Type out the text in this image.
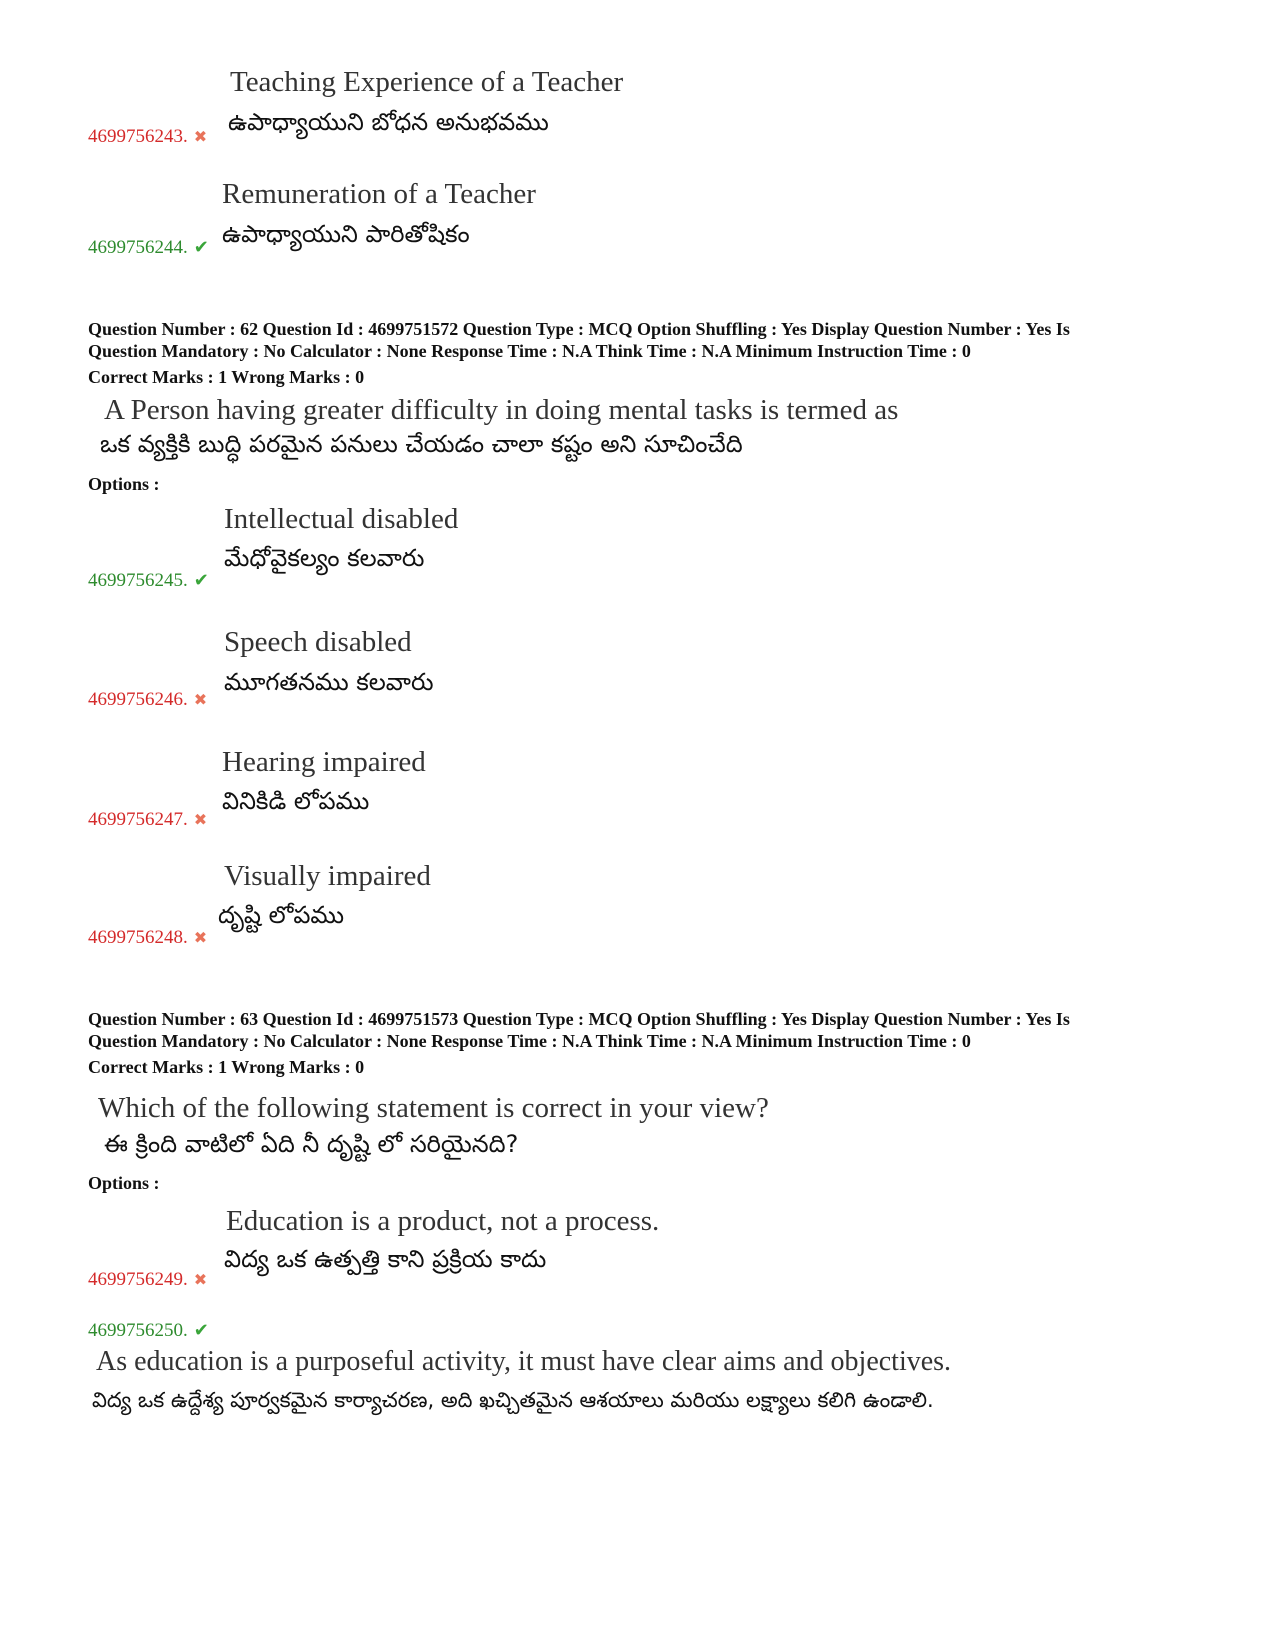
Teaching Experience of a Teacher
ఉపాధ్యాయుని బోధన అనుభవము
4699756243. ✖
Remuneration of a Teacher
ఉపాధ్యాయుని పారితోషికం
4699756244. ✔
Question Number : 62 Question Id : 4699751572 Question Type : MCQ Option Shuffling : Yes Display Question Number : Yes Is
Question Mandatory : No Calculator : None Response Time : N.A Think Time : N.A Minimum Instruction Time : 0
Correct Marks : 1 Wrong Marks : 0
A Person having greater difficulty in doing mental tasks is termed as
ఒక వ్యక్తికి బుద్ధి పరమైన పనులు చేయడం చాలా కష్టం అని సూచించేది
Options :
Intellectual disabled
మేధోవైకల్యం కలవారు
4699756245. ✔
Speech disabled
మూగతనము కలవారు
4699756246. ✖
Hearing impaired
వినికిడి లోపము
4699756247. ✖
Visually impaired
దృష్టి లోపము
4699756248. ✖
Question Number : 63 Question Id : 4699751573 Question Type : MCQ Option Shuffling : Yes Display Question Number : Yes Is
Question Mandatory : No Calculator : None Response Time : N.A Think Time : N.A Minimum Instruction Time : 0
Correct Marks : 1 Wrong Marks : 0
Which of the following statement is correct in your view?
ఈ క్రింది వాటిలో ఏది నీ దృష్టి లో సరియైనది?
Options :
Education is a product, not a process.
విద్య ఒక ఉత్పత్తి కాని ప్రక్రియ కాదు
4699756249. ✖
4699756250. ✔
As education is a purposeful activity, it must have clear aims and objectives.
విద్య ఒక ఉద్దేశ్య పూర్వకమైన కార్యాచరణ, అది ఖచ్చితమైన ఆశయాలు మరియు లక్ష్యాలు కలిగి ఉండాలి.
